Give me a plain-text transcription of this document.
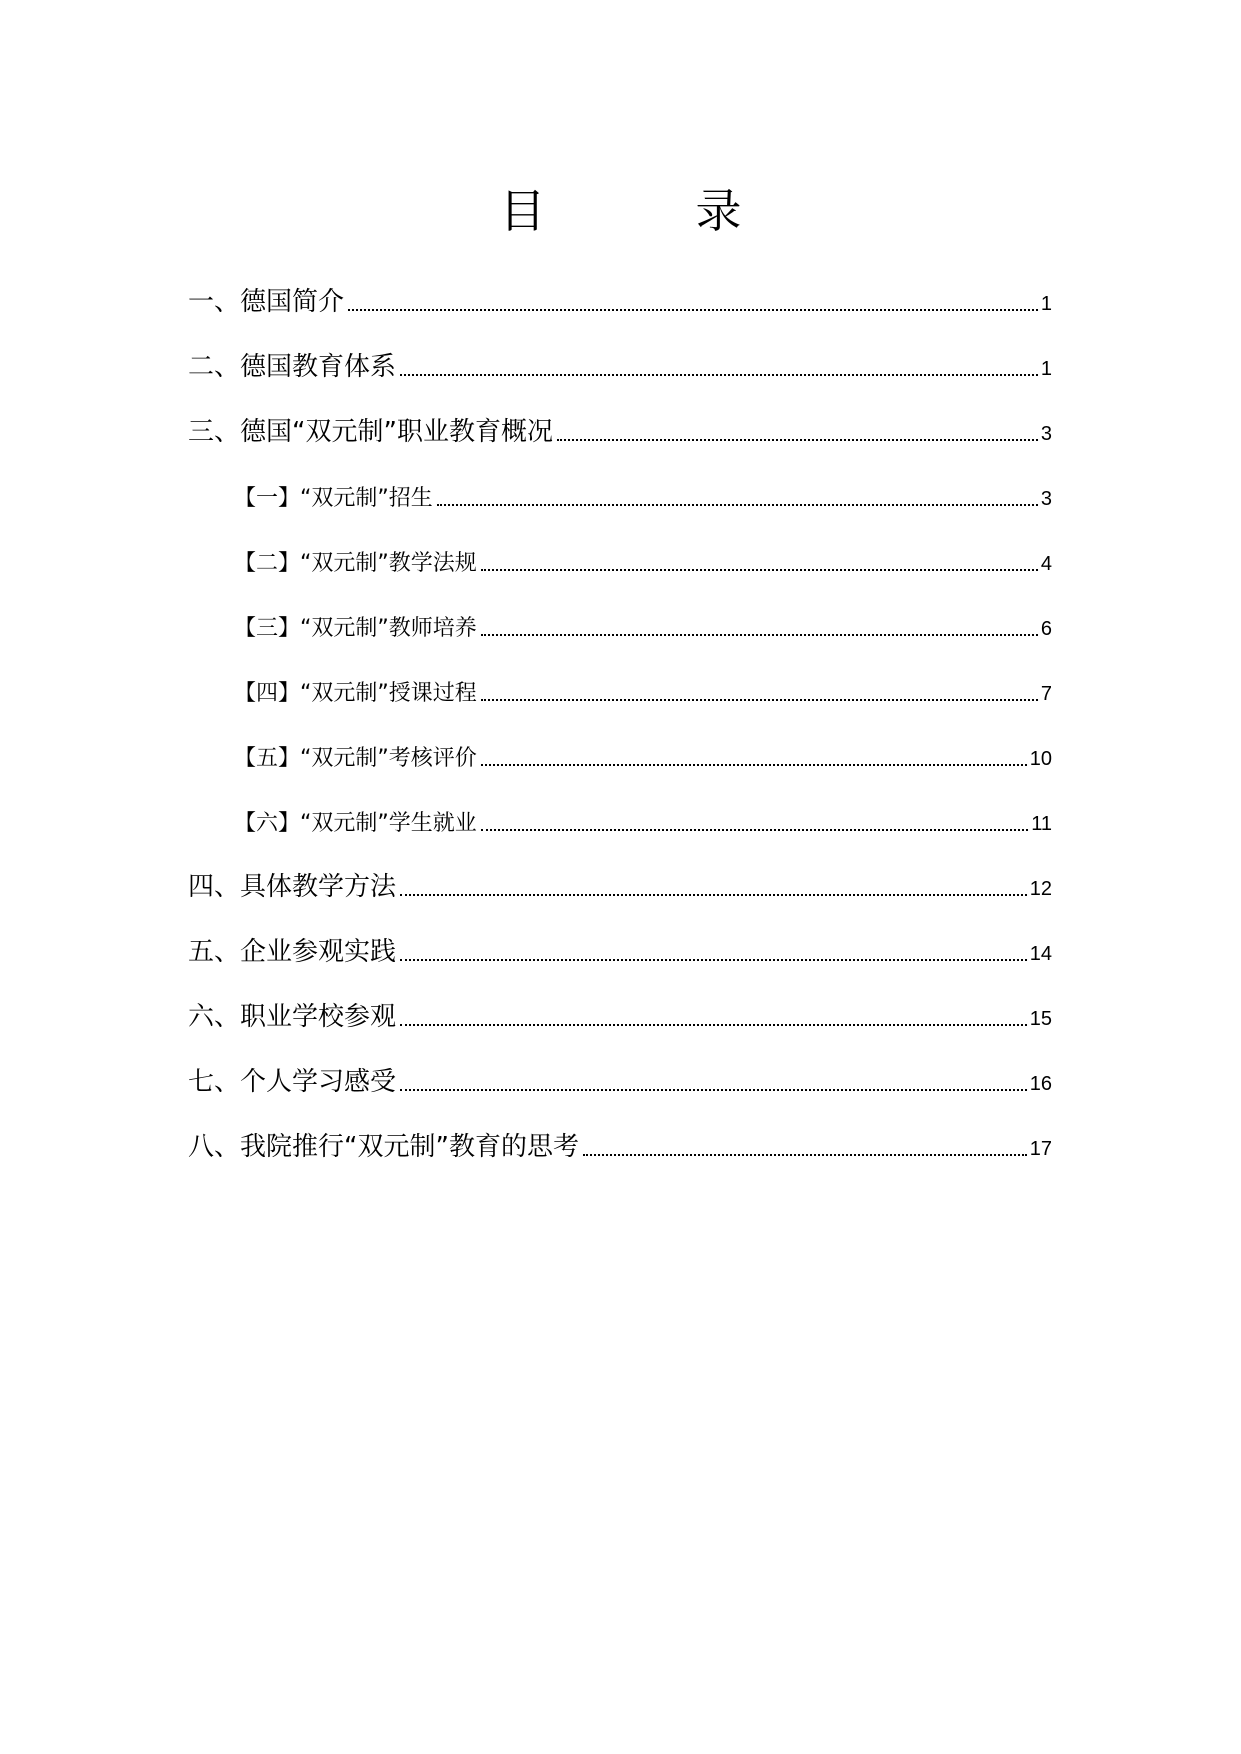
目　录
一、德国简介	1
二、德国教育体系	1
三、德国“双元制”职业教育概况	3
【一】“双元制”招生	3
【二】“双元制”教学法规	4
【三】“双元制”教师培养	6
【四】“双元制”授课过程	7
【五】“双元制”考核评价	10
【六】“双元制”学生就业	11
四、具体教学方法	12
五、企业参观实践	14
六、职业学校参观	15
七、个人学习感受	16
八、我院推行“双元制”教育的思考	17
